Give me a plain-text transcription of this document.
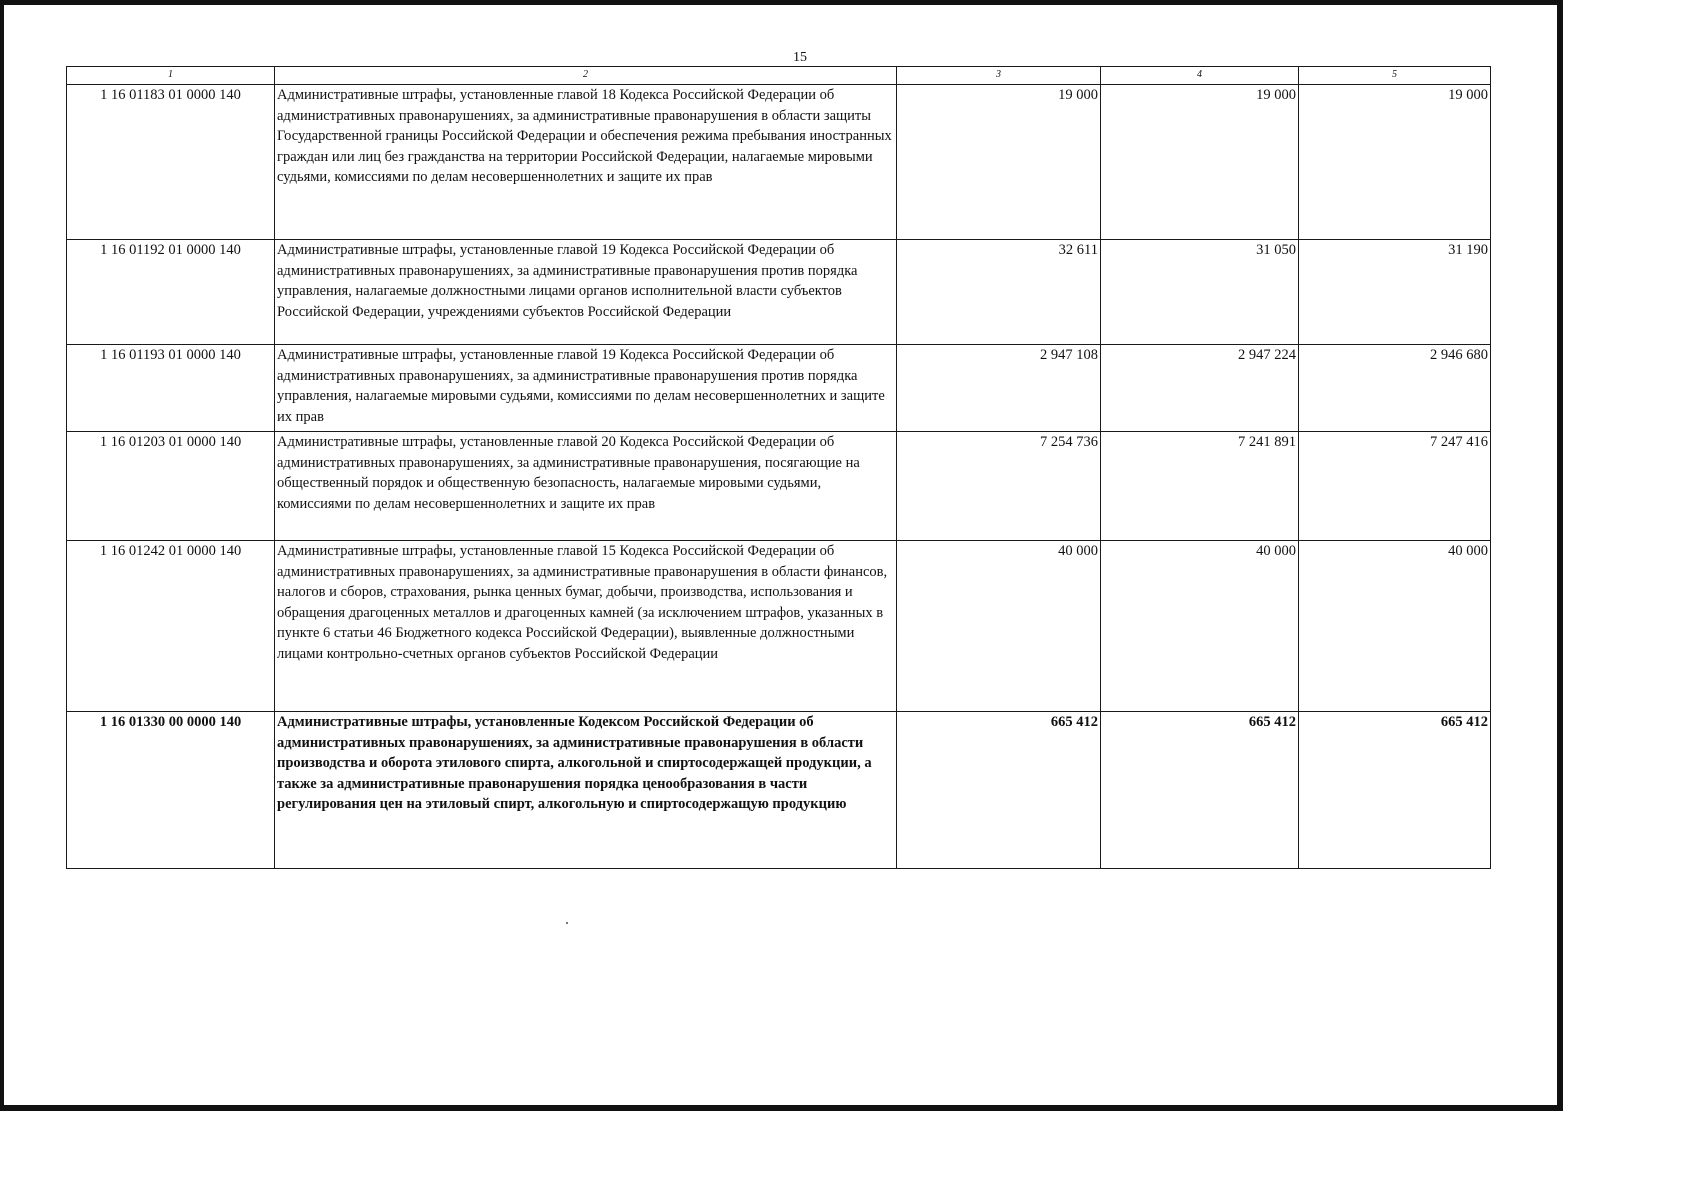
15
1	2	3	4	5
1 16 01183 01 0000 140	Административные штрафы, установленные главой 18 Кодекса Российской Федерации об административных правонарушениях, за административные правонарушения в области защиты Государственной границы Российской Федерации и обеспечения режима пребывания иностранных граждан или лиц без гражданства на территории Российской Федерации, налагаемые мировыми судьями, комиссиями по делам несовершеннолетних и защите их прав	19 000	19 000	19 000
1 16 01192 01 0000 140	Административные штрафы, установленные главой 19 Кодекса Российской Федерации об административных правонарушениях, за административные правонарушения против порядка управления, налагаемые должностными лицами органов исполнительной власти субъектов Российской Федерации, учреждениями субъектов Российской Федерации	32 611	31 050	31 190
1 16 01193 01 0000 140	Административные штрафы, установленные главой 19 Кодекса Российской Федерации об административных правонарушениях, за административные правонарушения против порядка управления, налагаемые мировыми судьями, комиссиями по делам несовершеннолетних и защите их прав	2 947 108	2 947 224	2 946 680
1 16 01203 01 0000 140	Административные штрафы, установленные главой 20 Кодекса Российской Федерации об административных правонарушениях, за административные правонарушения, посягающие на общественный порядок и общественную безопасность, налагаемые мировыми судьями, комиссиями по делам несовершеннолетних и защите их прав	7 254 736	7 241 891	7 247 416
1 16 01242 01 0000 140	Административные штрафы, установленные главой 15 Кодекса Российской Федерации об административных правонарушениях, за административные правонарушения в области финансов, налогов и сборов, страхования, рынка ценных бумаг, добычи, производства, использования и обращения драгоценных металлов и драгоценных камней (за исключением штрафов, указанных в пункте 6 статьи 46 Бюджетного кодекса Российской Федерации), выявленные должностными лицами контрольно-счетных органов субъектов Российской Федерации	40 000	40 000	40 000
1 16 01330 00 0000 140	Административные штрафы, установленные Кодексом Российской Федерации об административных правонарушениях, за административные правонарушения в области производства и оборота этилового спирта, алкогольной и спиртосодержащей продукции, а также за административные правонарушения порядка ценообразования в части регулирования цен на этиловый спирт, алкогольную и спиртосодержащую продукцию	665 412	665 412	665 412
